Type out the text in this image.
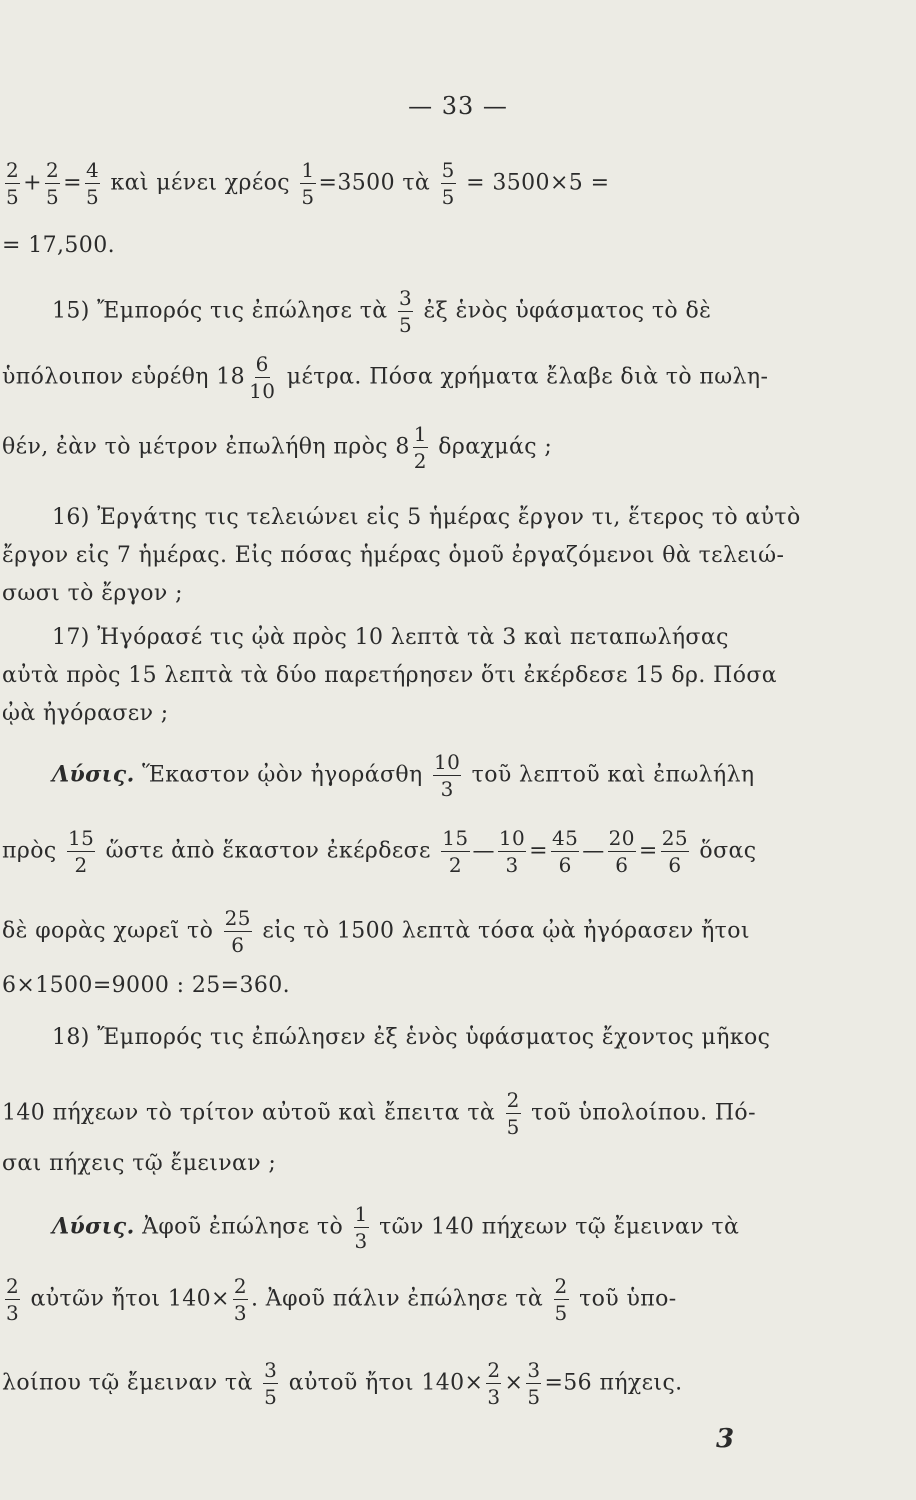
— 33 —
$\frac{2}{5} + \frac{2}{5} = \frac{4}{5}$ καὶ μένει χρέος $\frac{1}{5} =3500$ τὰ $\frac{5}{5} = 3500\times 5$ =
= 17,500.
15) Ἔμπορός τις ἐπώλησε τὰ $\frac{3}{5}$ ἐξ ἑνὸς ὑφάσματος τὸ δὲ
ὑπόλοιπον εὑρέθη $18 \frac{6}{10} \mu έ\tau\rho\alpha$. Πόσα χρήματα ἔλαβε διὰ τὸ πωλη-
θέν, ἐὰν τὸ μέτρον ἐπωλήθη πρὸς $8 \frac{1}{2}$ δραχμάς ;
16) Ἐργάτης τις τελειώνει εἰς 5 ἡμέρας ἔργον τι, ἕτερος τὸ αὐτὸ
ἔργον εἰς 7 ἡμέρας. Εἰς πόσας ἡμέρας ὁμοῦ ἐργαζόμενοι θὰ τελειώ-
σωσι τὸ ἔργον ;
17) Ἠγόρασέ τις ᾠὰ πρὸς 10 λεπτὰ τὰ 3 καὶ πεταπωλήσας
αὐτὰ πρὸς 15 λεπτὰ τὰ δύο παρετήρησεν ὅτι ἐκέρδεσε 15 δρ. Πόσα
ᾠὰ ἠγόρασεν ;
Λύσις. Ἕκαστον ᾠὸν ἠγοράσθη $\frac{10}{3}$ τοῦ λεπτοῦ καὶ ἐπωλήλη
πρὸς $\frac{15}{2}$ ὥστε ἀπὸ ἕκαστον ἐκέρδεσε $\frac{15}{2}$ — $\frac{10}{3} = \frac{45}{6}$ — $\frac{20}{6} = \frac{25}{6}$ ὅσας
δὲ φορὰς χωρεῖ τὸ $\frac{25}{6}$ εἰς τὸ 1500 λεπτὰ τόσα ᾠὰ ἠγόρασεν ἤτοι
6×1500=9000 : 25=360.
18) Ἔμπορός τις ἐπώλησεν ἐξ ἑνὸς ὑφάσματος ἔχοντος μῆκος
140 πήχεων τὸ τρίτον αὐτοῦ καὶ ἔπειτα τὰ $\frac{2}{5}$ τοῦ ὑπολοίπου. Πό-
σαι πήχεις τῷ ἔμειναν ;
Λύσις. Ἀφοῦ ἐπώλησε τὸ $\frac{1}{3}$ τῶν 140 πήχεων τῷ ἔμειναν τὰ
$\frac{2}{3}$ αὐτῶν ἤτοι $140\times \frac{2}{3}$ . Ἀφοῦ πάλιν ἐπώλησε τὰ $\frac{2}{5}$ τοῦ ὑπο-
λοίπου τῷ ἔμειναν τὰ $\frac{3}{5}$ αὐτοῦ ἤτοι $140\times \frac{2}{3} \times \frac{3}{5} =56$ πήχεις.
3
